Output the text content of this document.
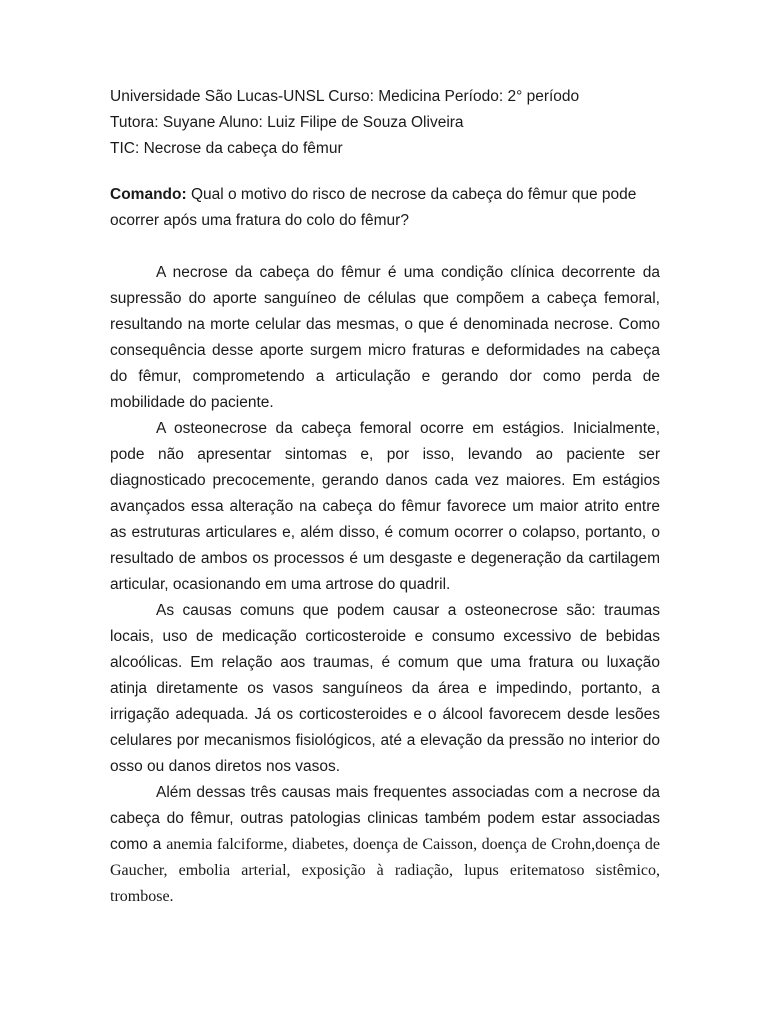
Universidade São Lucas-UNSL Curso: Medicina Período: 2° período

Tutora: Suyane Aluno: Luiz Filipe de Souza Oliveira

TIC: Necrose da cabeça do fêmur

Comando: Qual o motivo do risco de necrose da cabeça do fêmur que pode ocorrer após uma fratura do colo do fêmur?

A necrose da cabeça do fêmur é uma condição clínica decorrente da supressão do aporte sanguíneo de células que compõem a cabeça femoral, resultando na morte celular das mesmas, o que é denominada necrose. Como consequência desse aporte surgem micro fraturas e deformidades na cabeça do fêmur, comprometendo a articulação e gerando dor como perda de mobilidade do paciente.

A osteonecrose da cabeça femoral ocorre em estágios. Inicialmente, pode não apresentar sintomas e, por isso, levando ao paciente ser diagnosticado precocemente, gerando danos cada vez maiores. Em estágios avançados essa alteração na cabeça do fêmur favorece um maior atrito entre as estruturas articulares e, além disso, é comum ocorrer o colapso, portanto, o resultado de ambos os processos é um desgaste e degeneração da cartilagem articular, ocasionando em uma artrose do quadril.

As causas comuns que podem causar a osteonecrose são: traumas locais, uso de medicação corticosteroide e consumo excessivo de bebidas alcoólicas. Em relação aos traumas, é comum que uma fratura ou luxação atinja diretamente os vasos sanguíneos da área e impedindo, portanto, a irrigação adequada. Já os corticosteroides e o álcool favorecem desde lesões celulares por mecanismos fisiológicos, até a elevação da pressão no interior do osso ou danos diretos nos vasos.

Além dessas três causas mais frequentes associadas com a necrose da cabeça do fêmur, outras patologias clinicas também podem estar associadas como a anemia falciforme, diabetes, doença de Caisson, doença de Crohn,doença de Gaucher, embolia arterial, exposição à radiação, lupus eritematoso sistêmico, trombose.
